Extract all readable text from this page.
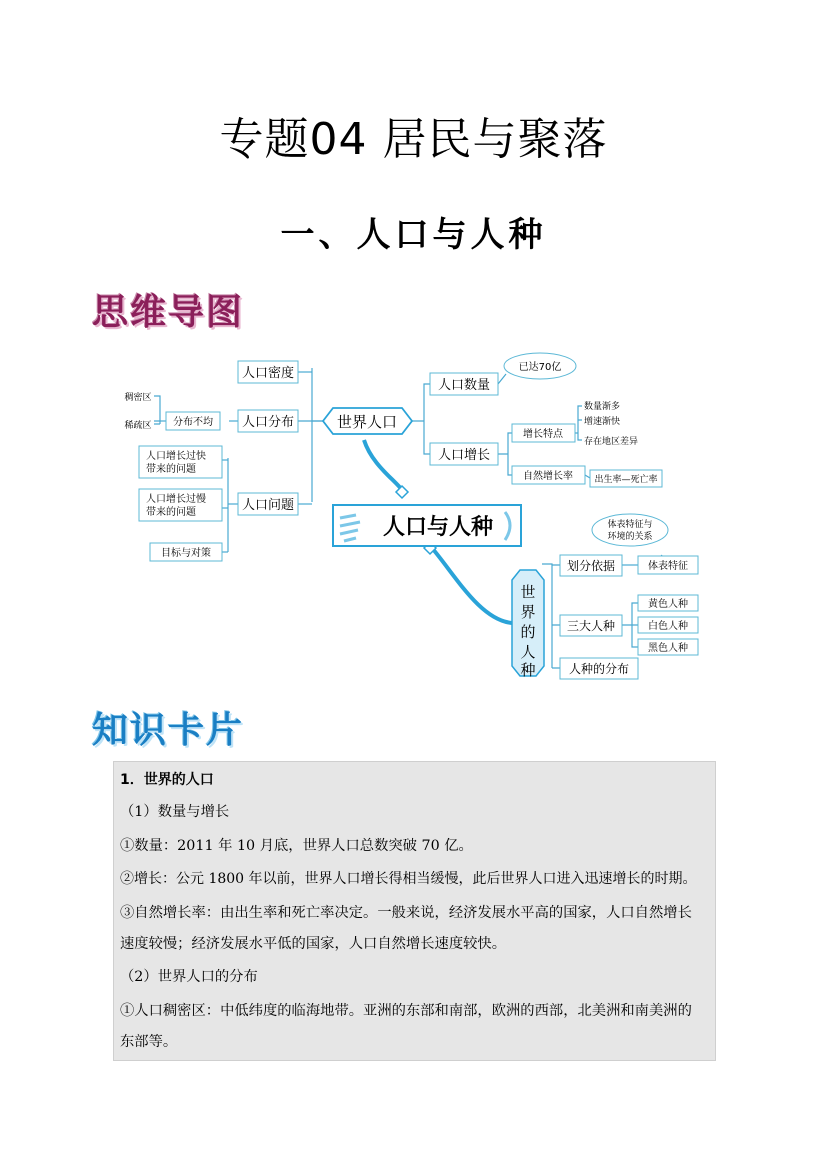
专题04 居民与聚落
一、人口与人种
思维导图
人口与人种
世界人口
人口密度
人口分布
人口问题
分布不均
稠密区
稀疏区
人口增长过快
带来的问题
人口增长过慢
带来的问题
目标与对策
人口数量
已达70亿
人口增长
增长特点
数量渐多
增速渐快
存在地区差异
自然增长率 出生率—死亡率
世
界
的
人
种
划分依据	体表特征
体表特征与
环境的关系
三大人种
黄色人种
白色人种
黑色人种
人种的分布
知识卡片

1．世界的人口

（1）数量与增长

①数量：2011 年 10 月底，世界人口总数突破 70 亿。

②增长：公元 1800 年以前，世界人口增长得相当缓慢，此后世界人口进入迅速增长的时期。

③自然增长率：由出生率和死亡率决定。一般来说，经济发展水平高的国家，人口自然增长

速度较慢；经济发展水平低的国家，人口自然增长速度较快。

（2）世界人口的分布

①人口稠密区：中低纬度的临海地带。亚洲的东部和南部，欧洲的西部，北美洲和南美洲的

东部等。
